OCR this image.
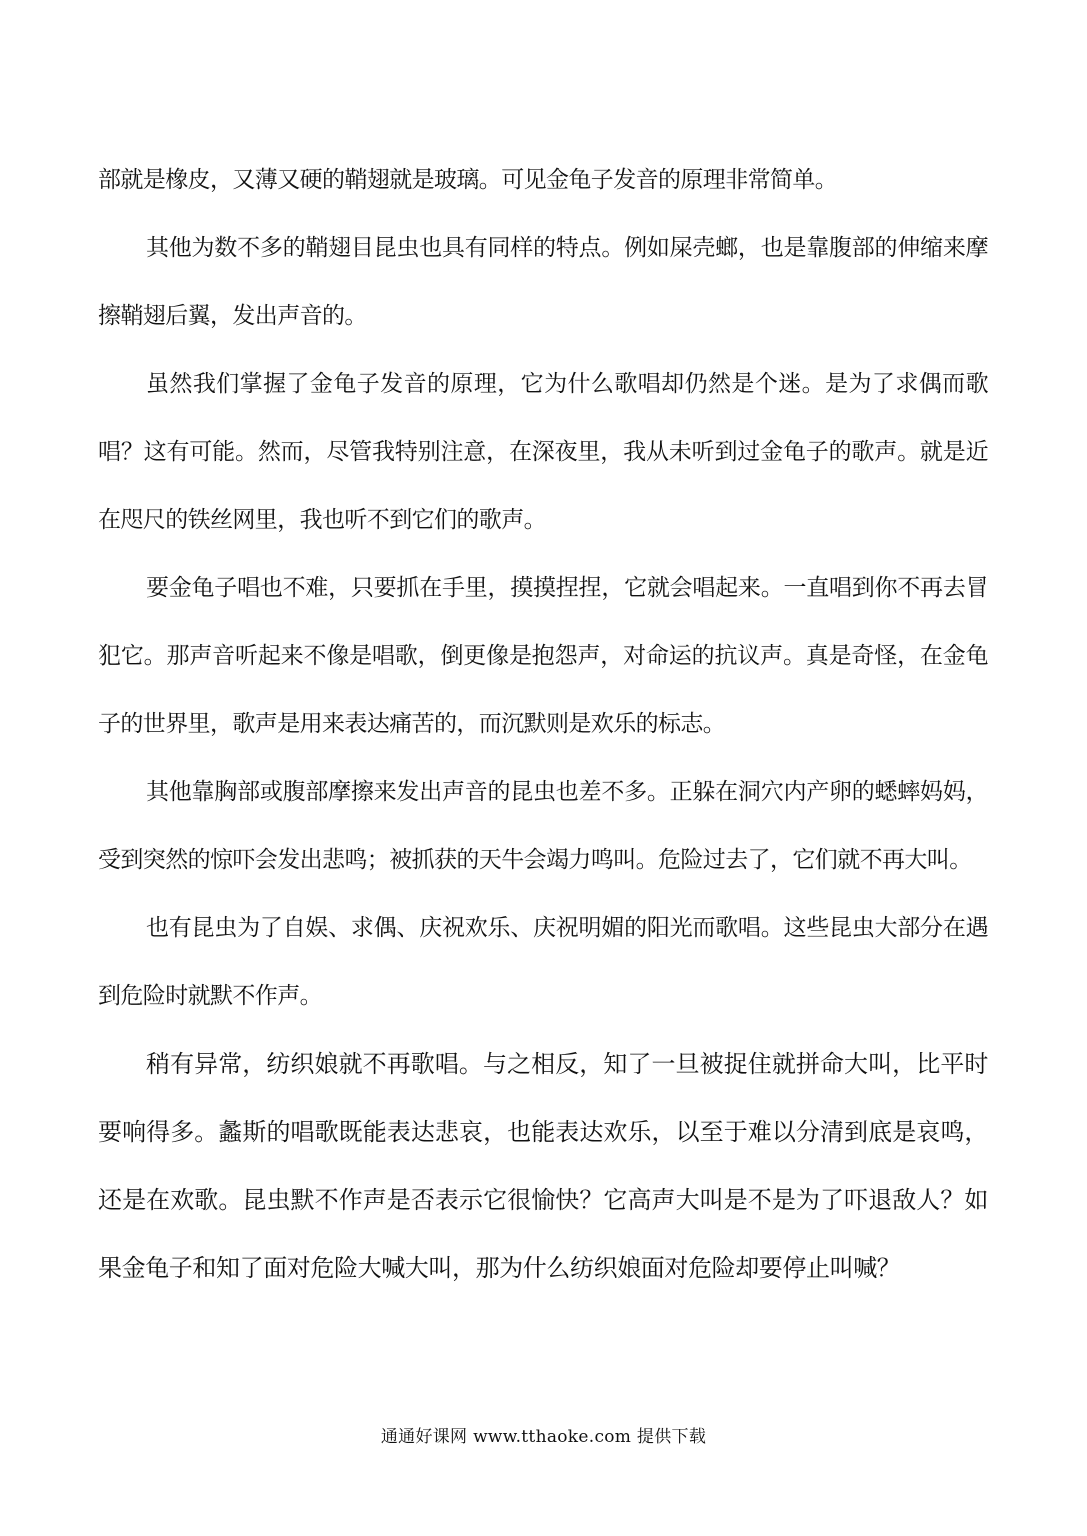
部就是橡皮，又薄又硬的鞘翅就是玻璃。可见金龟子发音的原理非常简单。

其他为数不多的鞘翅目昆虫也具有同样的特点。例如屎壳螂，也是靠腹部的伸缩来摩擦鞘翅后翼，发出声音的。

虽然我们掌握了金龟子发音的原理，它为什么歌唱却仍然是个迷。是为了求偶而歌唱？这有可能。然而，尽管我特别注意，在深夜里，我从未听到过金龟子的歌声。就是近在咫尺的铁丝网里，我也听不到它们的歌声。

要金龟子唱也不难，只要抓在手里，摸摸捏捏，它就会唱起来。一直唱到你不再去冒犯它。那声音听起来不像是唱歌，倒更像是抱怨声，对命运的抗议声。真是奇怪，在金龟子的世界里，歌声是用来表达痛苦的，而沉默则是欢乐的标志。

其他靠胸部或腹部摩擦来发出声音的昆虫也差不多。正躲在洞穴内产卵的蟋蟀妈妈，受到突然的惊吓会发出悲鸣；被抓获的天牛会竭力鸣叫。危险过去了，它们就不再大叫。

也有昆虫为了自娱、求偶、庆祝欢乐、庆祝明媚的阳光而歌唱。这些昆虫大部分在遇到危险时就默不作声。

稍有异常，纺织娘就不再歌唱。与之相反，知了一旦被捉住就拼命大叫，比平时要响得多。蠡斯的唱歌既能表达悲哀，也能表达欢乐，以至于难以分清到底是哀鸣，还是在欢歌。昆虫默不作声是否表示它很愉快？它高声大叫是不是为了吓退敌人？如果金龟子和知了面对危险大喊大叫，那为什么纺织娘面对危险却要停止叫喊？

通通好课网 www.tthaoke.com 提供下载
